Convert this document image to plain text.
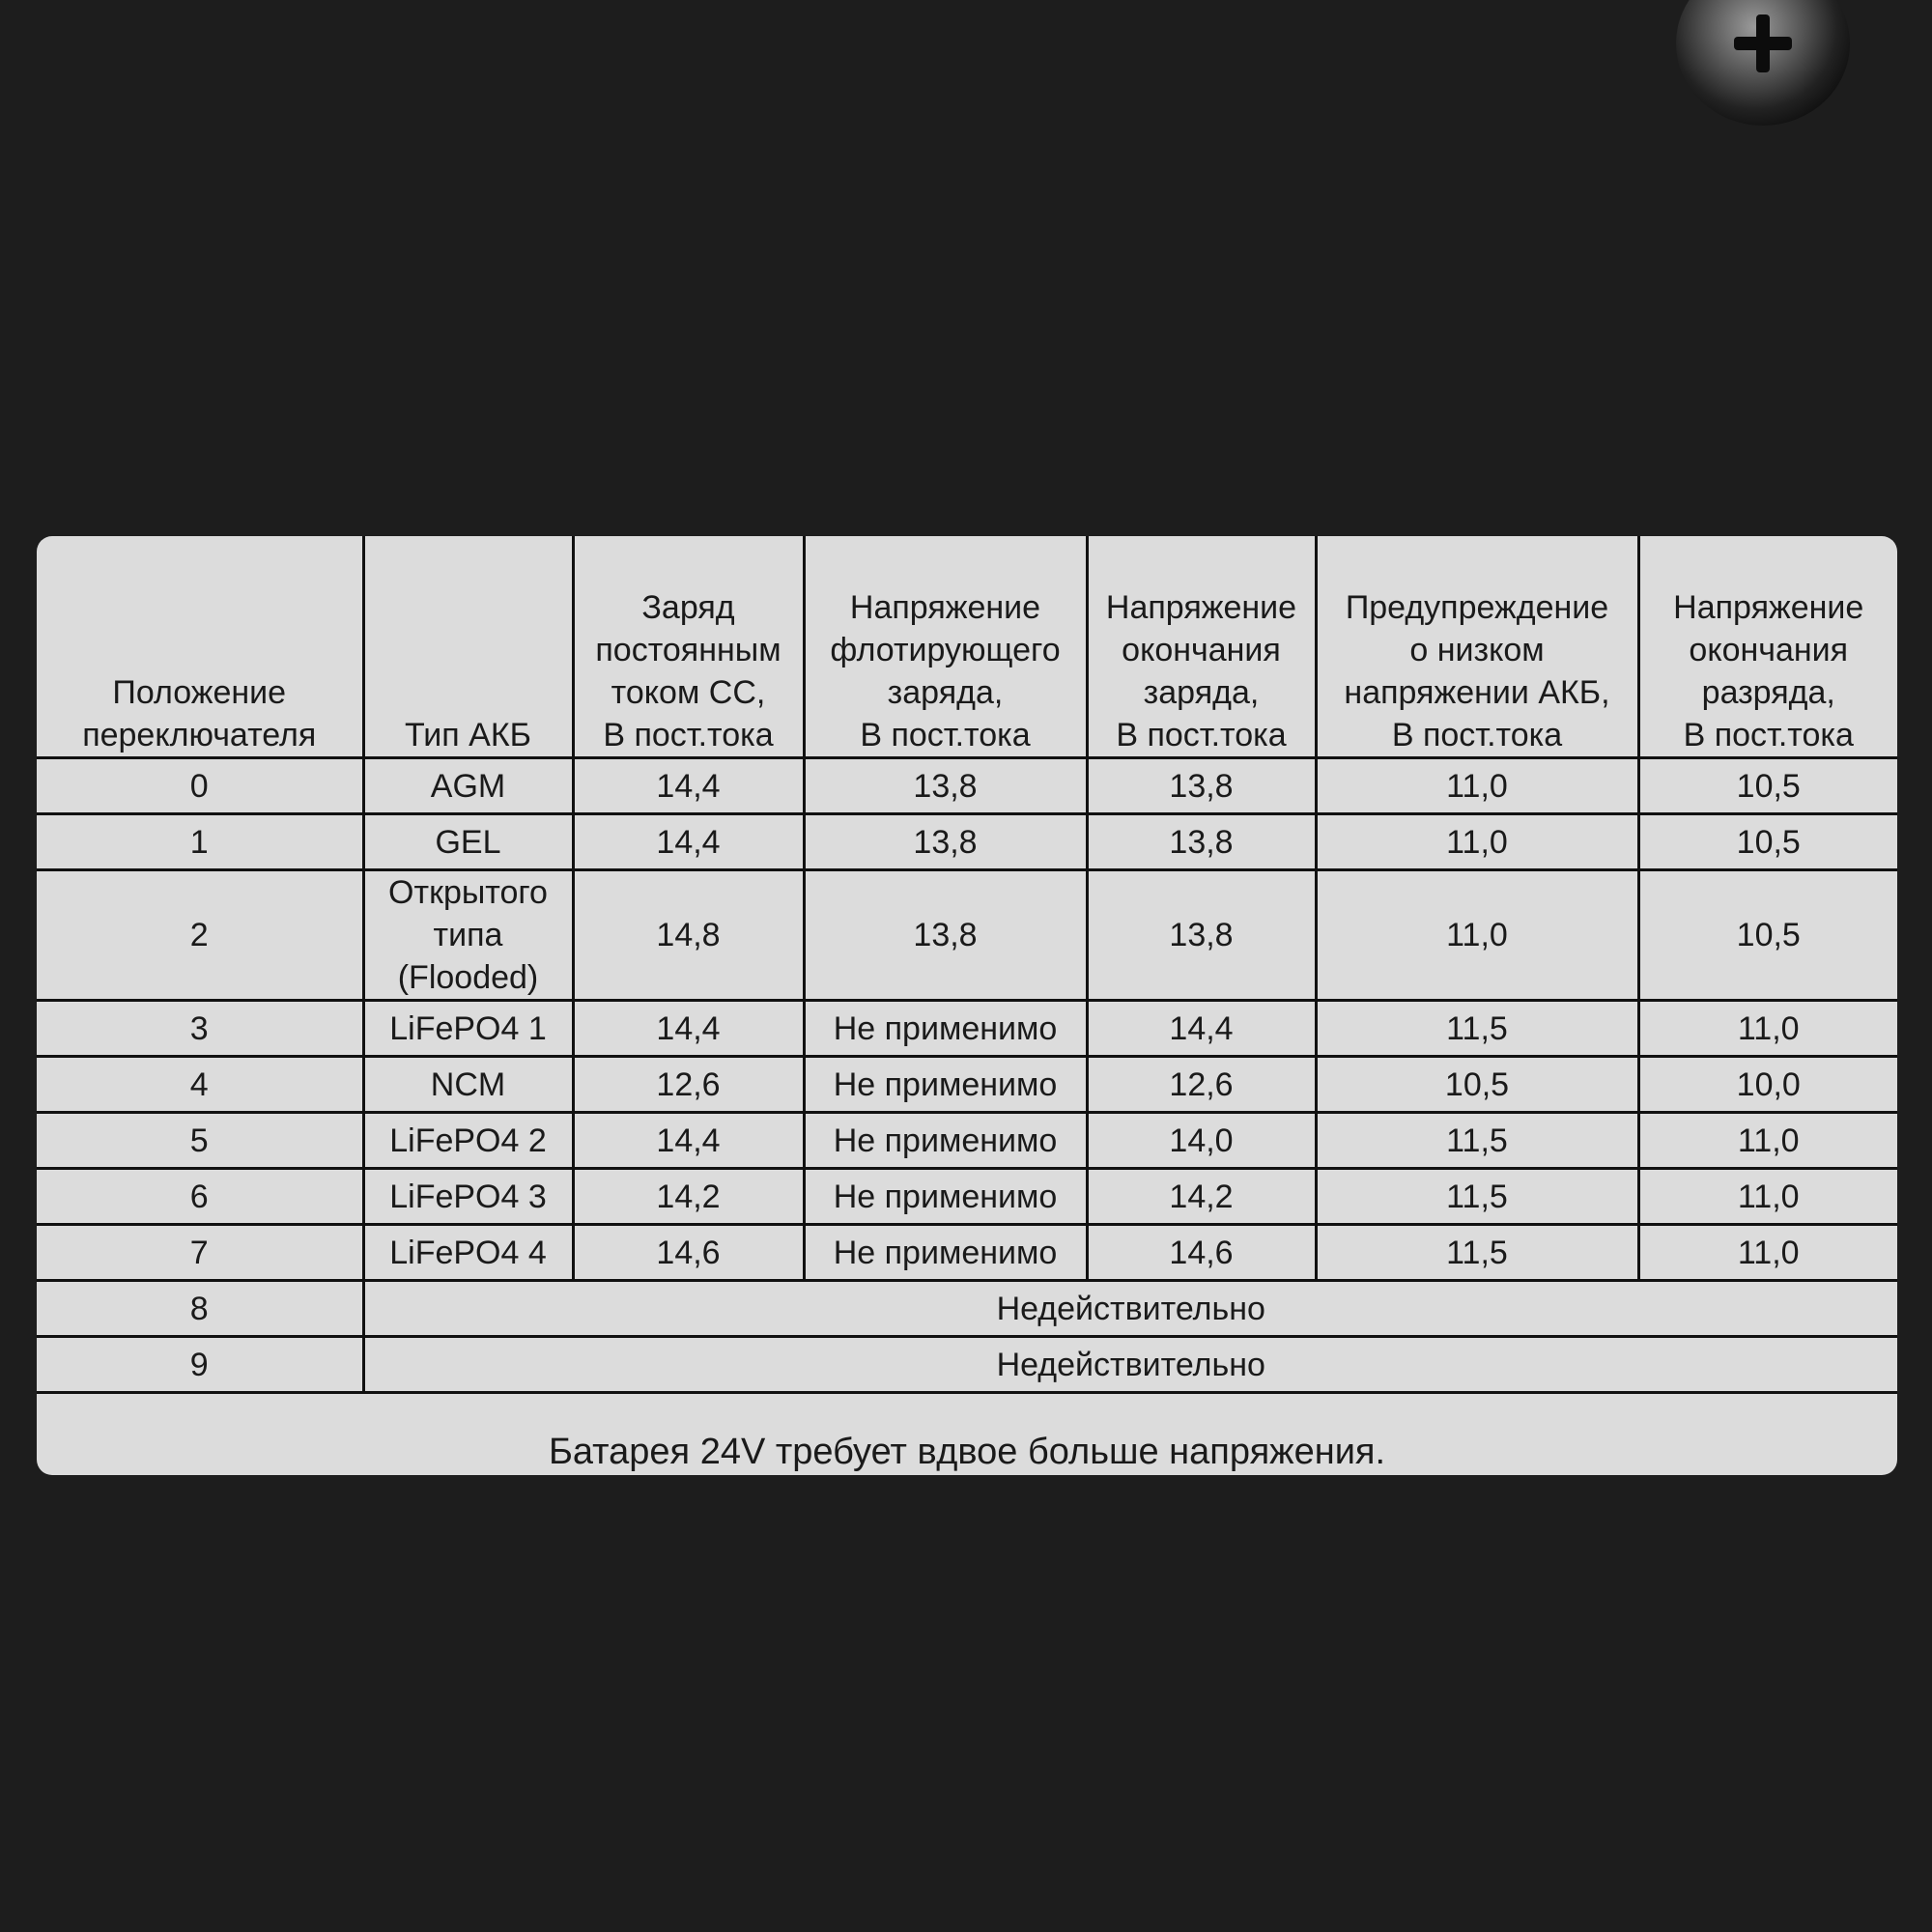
Положение
переключателя	Тип АКБ	Заряд
постоянным
током СС,
В пост.тока	Напряжение
флотирующего
заряда,
В пост.тока	Напряжение
окончания
заряда,
В пост.тока	Предупреждение
о низком
напряжении АКБ,
В пост.тока	Напряжение
окончания
разряда,
В пост.тока
0	AGM	14,4	13,8	13,8	11,0	10,5
1	GEL	14,4	13,8	13,8	11,0	10,5
2	Открытого
типа
(Flooded)	14,8	13,8	13,8	11,0	10,5
3	LiFePO4 1	14,4	Не применимо	14,4	11,5	11,0
4	NCM	12,6	Не применимо	12,6	10,5	10,0
5	LiFePO4 2	14,4	Не применимо	14,0	11,5	11,0
6	LiFePO4 3	14,2	Не применимо	14,2	11,5	11,0
7	LiFePO4 4	14,6	Не применимо	14,6	11,5	11,0
8	Недействительно					
9	Недействительно					
Батарея 24V требует вдвое больше напряжения.						
